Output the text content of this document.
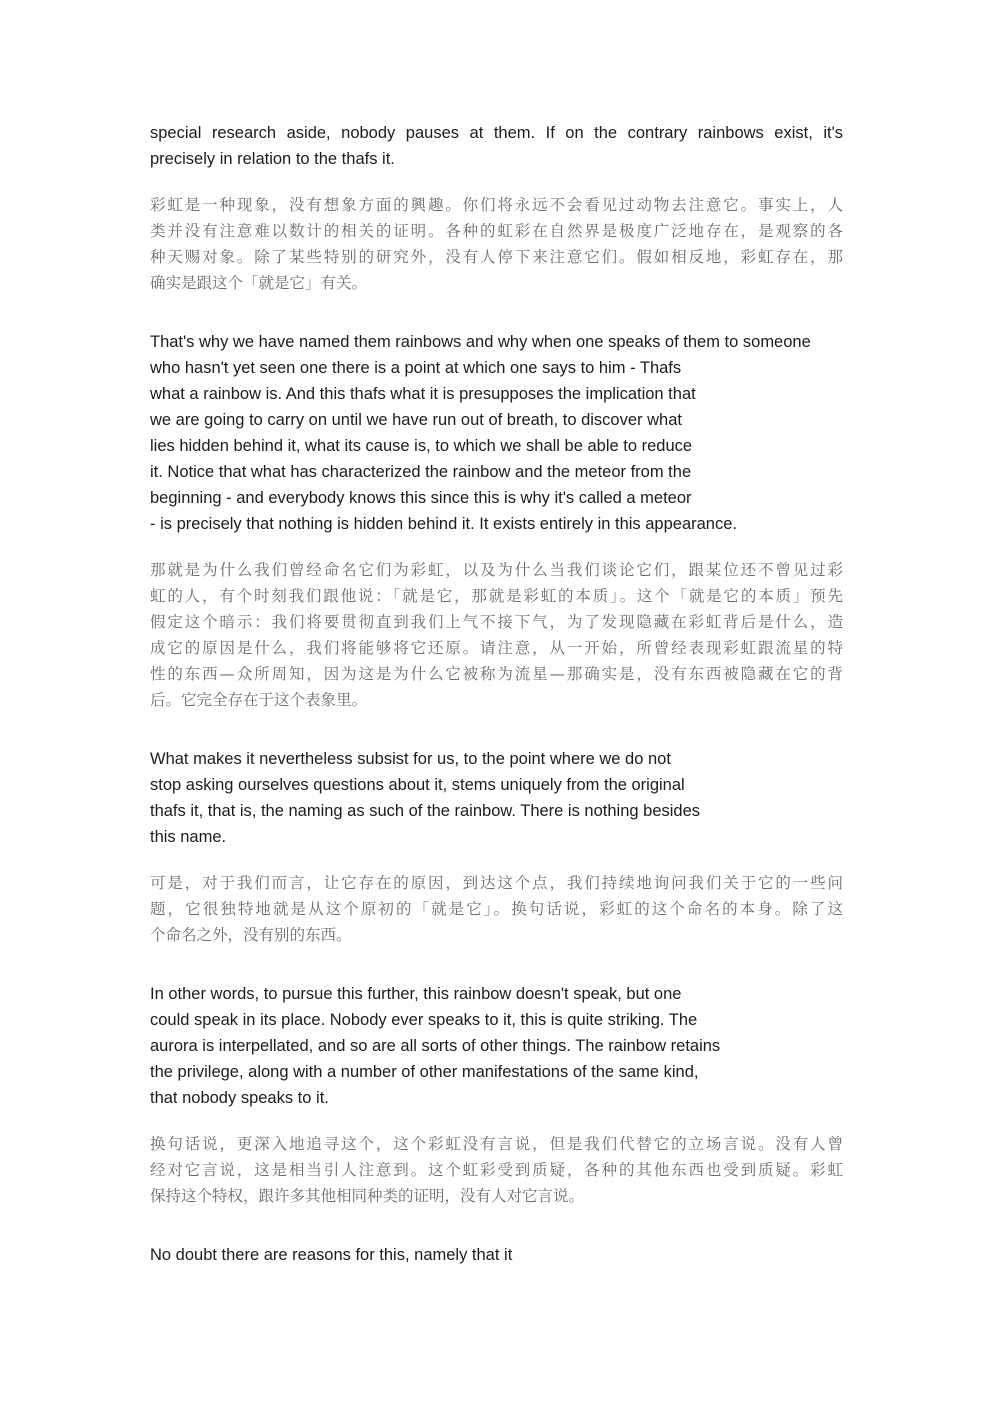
special research aside, nobody pauses at them. If on the contrary rainbows exist, it's
precisely in relation to the thafs it.

彩虹是一种现象，没有想象方面的興趣。你们将永远不会看见过动物去注意它。事实上，人
类并没有注意难以数计的相关的证明。各种的虹彩在自然界是极度广泛地存在，是观察的各
种天赐对象。除了某些特别的研究外，没有人停下来注意它们。假如相反地，彩虹存在，那
确实是跟这个「就是它」有关。

That's why we have named them rainbows and why when one speaks of them to someone
who hasn't yet seen one there is a point at which one says to him - Thafs
what a rainbow is. And this thafs what it is presupposes the implication that
we are going to carry on until we have run out of breath, to discover what
lies hidden behind it, what its cause is, to which we shall be able to reduce
it. Notice that what has characterized the rainbow and the meteor from the
beginning - and everybody knows this since this is why it's called a meteor
- is precisely that nothing is hidden behind it. It exists entirely in this appearance.

那就是为什么我们曾经命名它们为彩虹，以及为什么当我们谈论它们，跟某位还不曾见过彩
虹的人，有个时刻我们跟他说：「就是它，那就是彩虹的本质」。这个「就是它的本质」预先
假定这个暗示：我们将要贯彻直到我们上气不接下气，为了发现隐藏在彩虹背后是什么，造
成它的原因是什么，我们将能够将它还原。请注意，从一开始，所曾经表现彩虹跟流星的特
性的东西—众所周知，因为这是为什么它被称为流星—那确实是，没有东西被隐藏在它的背
后。它完全存在于这个表象里。

What makes it nevertheless subsist for us, to the point where we do not
stop asking ourselves questions about it, stems uniquely from the original
thafs it, that is, the naming as such of the rainbow. There is nothing besides
this name.

可是，对于我们而言，让它存在的原因，到达这个点，我们持续地询问我们关于它的一些问
题，它很独特地就是从这个原初的「就是它」。换句话说，彩虹的这个命名的本身。除了这
个命名之外，没有别的东西。

In other words, to pursue this further, this rainbow doesn't speak, but one
could speak in its place. Nobody ever speaks to it, this is quite striking. The
aurora is interpellated, and so are all sorts of other things. The rainbow retains
the privilege, along with a number of other manifestations of the same kind,
that nobody speaks to it.

换句话说，更深入地追寻这个，这个彩虹没有言说，但是我们代替它的立场言说。没有人曾
经对它言说，这是相当引人注意到。这个虹彩受到质疑，各种的其他东西也受到质疑。彩虹
保持这个特权，跟许多其他相同种类的证明，没有人对它言说。

No doubt there are reasons for this, namely that it
